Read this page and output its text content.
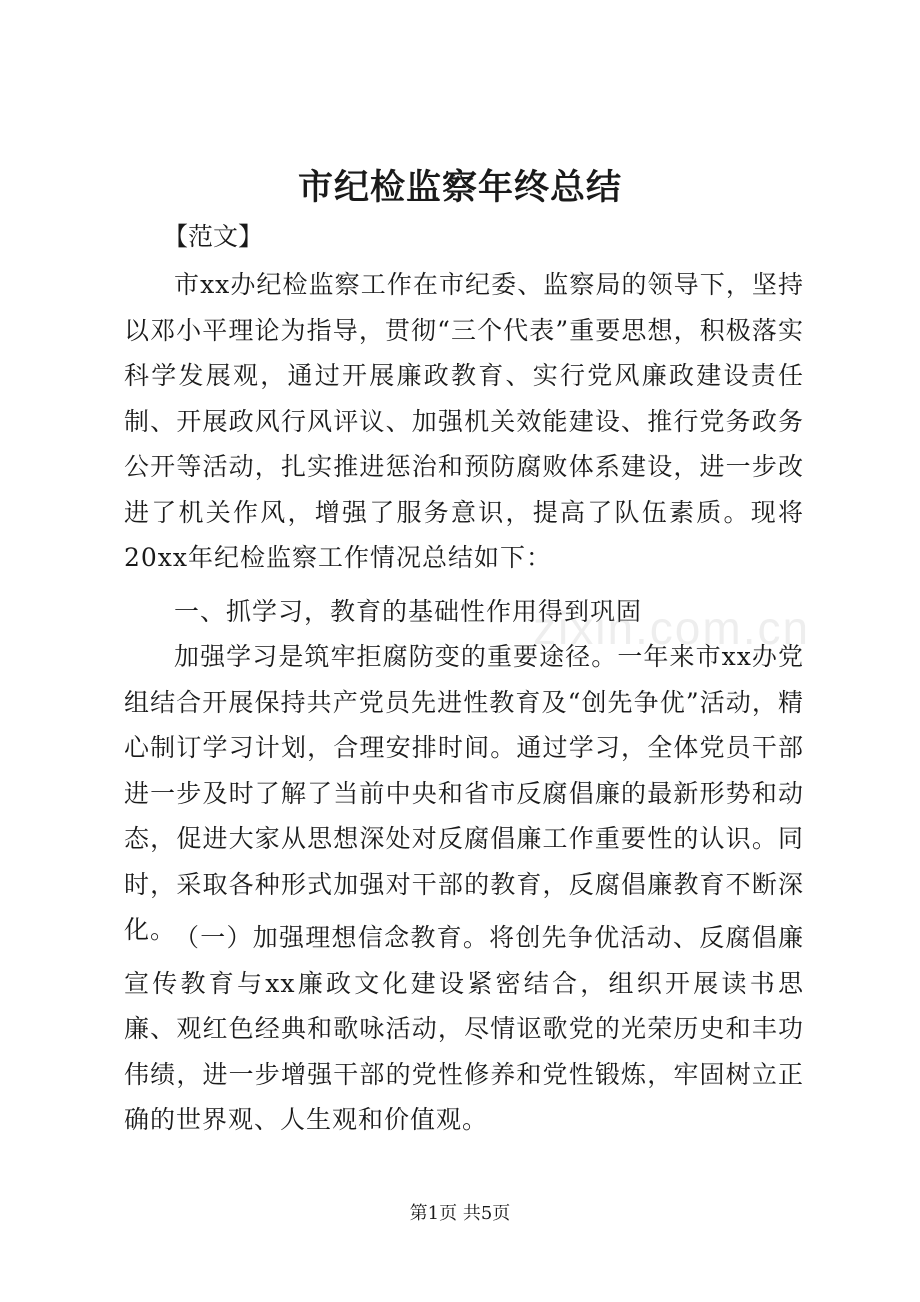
市纪检监察年终总结
【范文】
市xx办纪检监察工作在市纪委、监察局的领导下，坚持以邓小平理论为指导，贯彻“三个代表”重要思想，积极落实科学发展观，通过开展廉政教育、实行党风廉政建设责任制、开展政风行风评议、加强机关效能建设、推行党务政务公开等活动，扎实推进惩治和预防腐败体系建设，进一步改进了机关作风，增强了服务意识，提高了队伍素质。现将20xx年纪检监察工作情况总结如下：
一、抓学习，教育的基础性作用得到巩固
加强学习是筑牢拒腐防变的重要途径。一年来市xx办党组结合开展保持共产党员先进性教育及“创先争优”活动，精心制订学习计划，合理安排时间。通过学习，全体党员干部进一步及时了解了当前中央和省市反腐倡廉的最新形势和动态，促进大家从思想深处对反腐倡廉工作重要性的认识。同时，采取各种形式加强对干部的教育，反腐倡廉教育不断深化。
（一）加强理想信念教育。将创先争优活动、反腐倡廉宣传教育与xx廉政文化建设紧密结合，组织开展读书思廉、观红色经典和歌咏活动，尽情讴歌党的光荣历史和丰功伟绩，进一步增强干部的党性修养和党性锻炼，牢固树立正确的世界观、人生观和价值观。
zixin.com.cn
第1页 共5页
